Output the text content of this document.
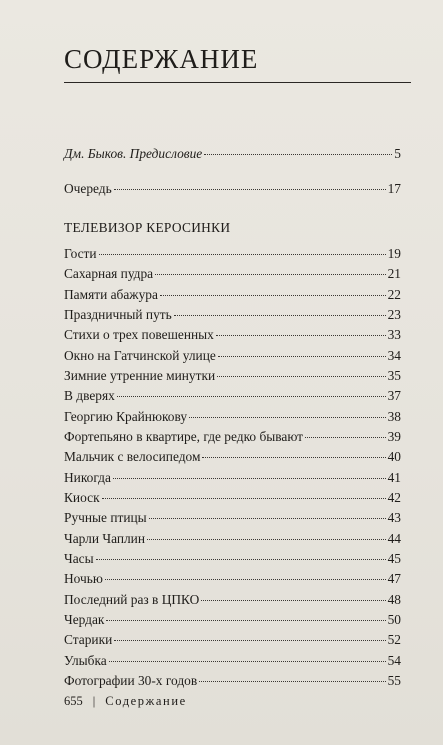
СОДЕРЖАНИЕ
Дм. Быков. Предисловие	5
Очередь	17
ТЕЛЕВИЗОР КЕРОСИНКИ
Гости	19
Сахарная пудра	21
Памяти абажура	22
Праздничный путь	23
Стихи о трех повешенных	33
Окно на Гатчинской улице	34
Зимние утренние минутки	35
В дверях	37
Георгию Крайнюкову	38
Фортепьяно в квартире, где редко бывают	39
Мальчик с велосипедом	40
Никогда	41
Киоск	42
Ручные птицы	43
Чарли Чаплин	44
Часы	45
Ночью	47
Последний раз в ЦПКО	48
Чердак	50
Старики	52
Улыбка	54
Фотографии 30-х годов	55
655 | Содержание
